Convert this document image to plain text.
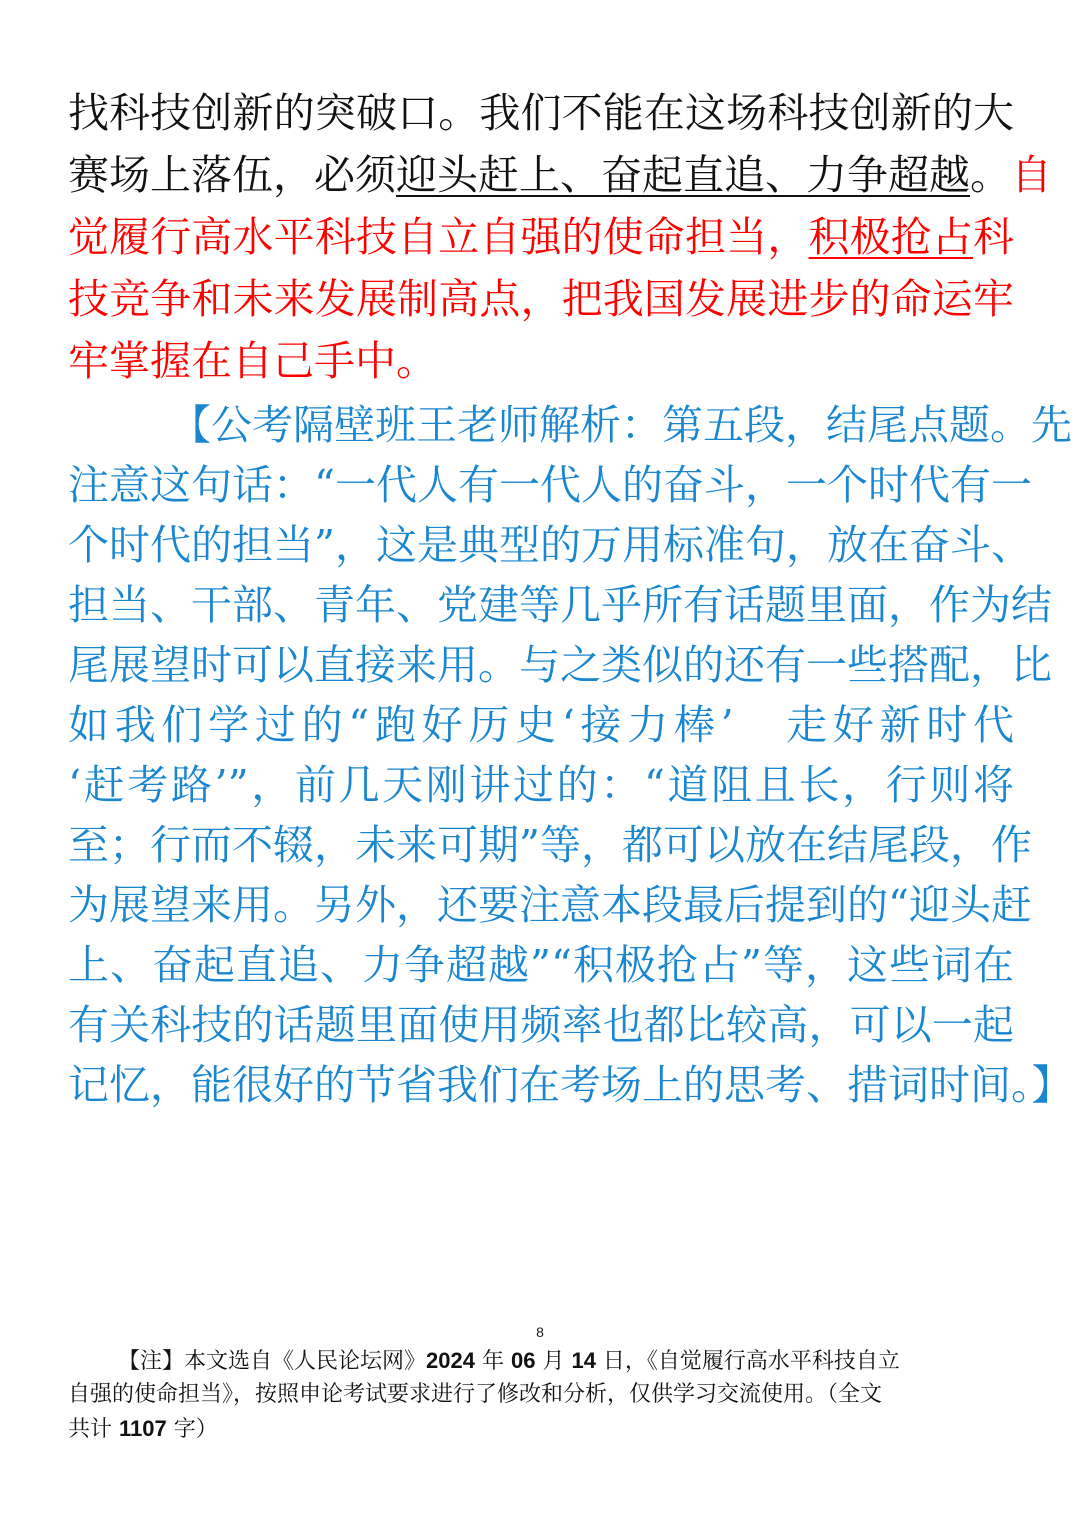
找科技创新的突破口。我们不能在这场科技创新的大
赛场上落伍，必须迎头赶上、奋起直追、力争超越。自
觉履行高水平科技自立自强的使命担当，积极抢占科
技竞争和未来发展制高点，把我国发展进步的命运牢
牢掌握在自己手中。
【公考隔壁班王老师解析：第五段，结尾点题。先
注意这句话：“一代人有一代人的奋斗，一个时代有一
个时代的担当”，这是典型的万用标准句，放在奋斗、
担当、干部、青年、党建等几乎所有话题里面，作为结
尾展望时可以直接来用。与之类似的还有一些搭配，比
如我们学过的“跑好历史‘接力棒’　走好新时代
‘赶考路’”，前几天刚讲过的：“道阻且长，行则将
至；行而不辍，未来可期”等，都可以放在结尾段，作
为展望来用。另外，还要注意本段最后提到的“迎头赶
上、奋起直追、力争超越”“积极抢占”等，这些词在
有关科技的话题里面使用频率也都比较高，可以一起
记忆，能很好的节省我们在考场上的思考、措词时间。】
8
【注】本文选自《人民论坛网》2024 年 06 月 14 日，《自觉履行高水平科技自立
自强的使命担当》，按照申论考试要求进行了修改和分析，仅供学习交流使用。（全文
共计 1107 字）
